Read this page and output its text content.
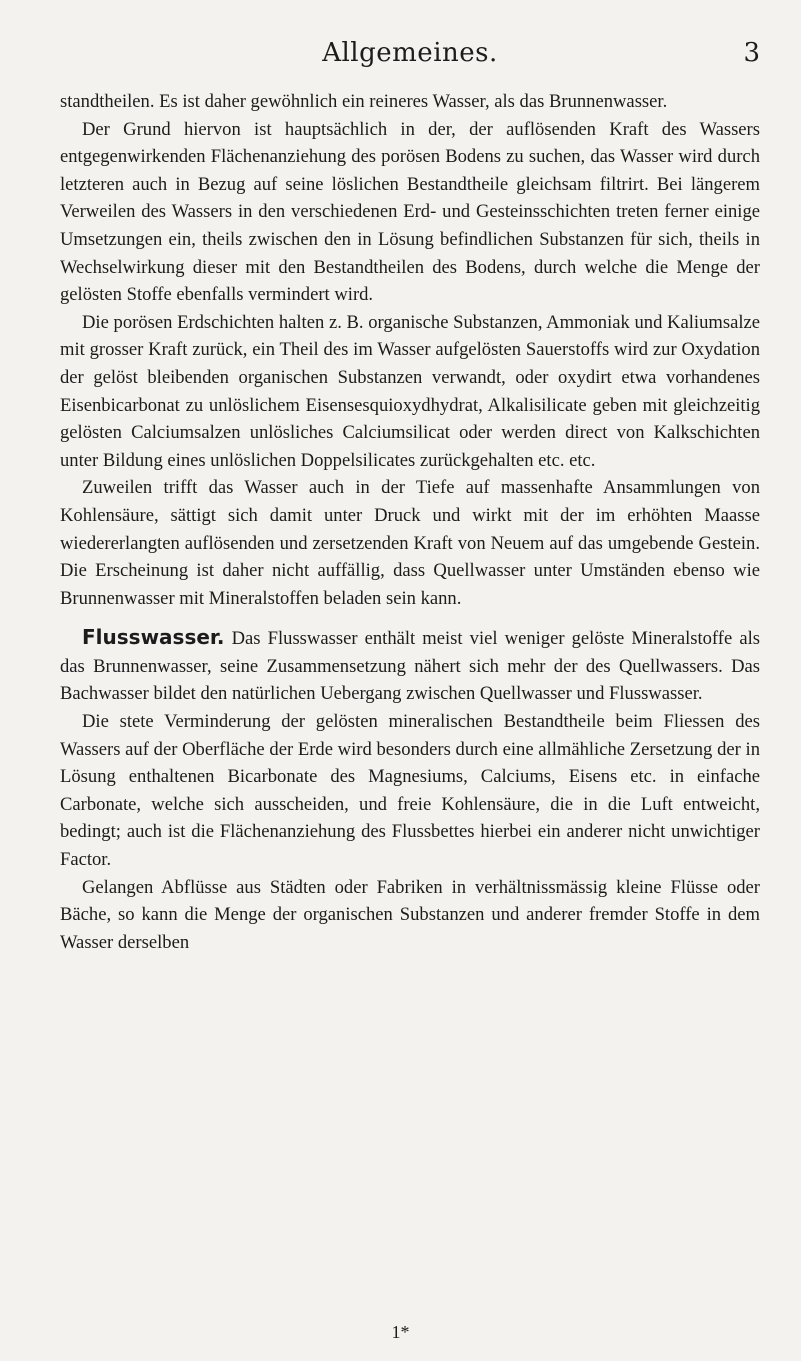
Allgemeines.	3

standtheilen. Es ist daher gewöhnlich ein reineres Wasser, als das Brunnenwasser.

Der Grund hiervon ist hauptsächlich in der, der auflösenden Kraft des Wassers entgegenwirkenden Flächenanziehung des porösen Bodens zu suchen, das Wasser wird durch letzteren auch in Bezug auf seine löslichen Bestandtheile gleichsam filtrirt. Bei längerem Verweilen des Wassers in den verschiedenen Erd- und Gesteinsschichten treten ferner einige Umsetzungen ein, theils zwischen den in Lösung befindlichen Substanzen für sich, theils in Wechselwirkung dieser mit den Bestandtheilen des Bodens, durch welche die Menge der gelösten Stoffe ebenfalls vermindert wird.

Die porösen Erdschichten halten z. B. organische Substanzen, Ammoniak und Kaliumsalze mit grosser Kraft zurück, ein Theil des im Wasser aufgelösten Sauerstoffs wird zur Oxydation der gelöst bleibenden organischen Substanzen verwandt, oder oxydirt etwa vorhandenes Eisenbicarbonat zu unlöslichem Eisensesquioxydhydrat, Alkalisilicate geben mit gleichzeitig gelösten Calciumsalzen unlösliches Calciumsilicat oder werden direct von Kalkschichten unter Bildung eines unlöslichen Doppelsilicates zurückgehalten etc. etc.

Zuweilen trifft das Wasser auch in der Tiefe auf massenhafte Ansammlungen von Kohlensäure, sättigt sich damit unter Druck und wirkt mit der im erhöhten Maasse wiedererlangten auflösenden und zersetzenden Kraft von Neuem auf das umgebende Gestein. Die Erscheinung ist daher nicht auffällig, dass Quellwasser unter Umständen ebenso wie Brunnenwasser mit Mineralstoffen beladen sein kann.

Flusswasser. Das Flusswasser enthält meist viel weniger gelöste Mineralstoffe als das Brunnenwasser, seine Zusammensetzung nähert sich mehr der des Quellwassers. Das Bachwasser bildet den natürlichen Uebergang zwischen Quellwasser und Flusswasser.

Die stete Verminderung der gelösten mineralischen Bestandtheile beim Fliessen des Wassers auf der Oberfläche der Erde wird besonders durch eine allmähliche Zersetzung der in Lösung enthaltenen Bicarbonate des Magnesiums, Calciums, Eisens etc. in einfache Carbonate, welche sich ausscheiden, und freie Kohlensäure, die in die Luft entweicht, bedingt; auch ist die Flächenanziehung des Flussbettes hierbei ein anderer nicht unwichtiger Factor.

Gelangen Abflüsse aus Städten oder Fabriken in verhältnissmässig kleine Flüsse oder Bäche, so kann die Menge der organischen Substanzen und anderer fremder Stoffe in dem Wasser derselben

1*
